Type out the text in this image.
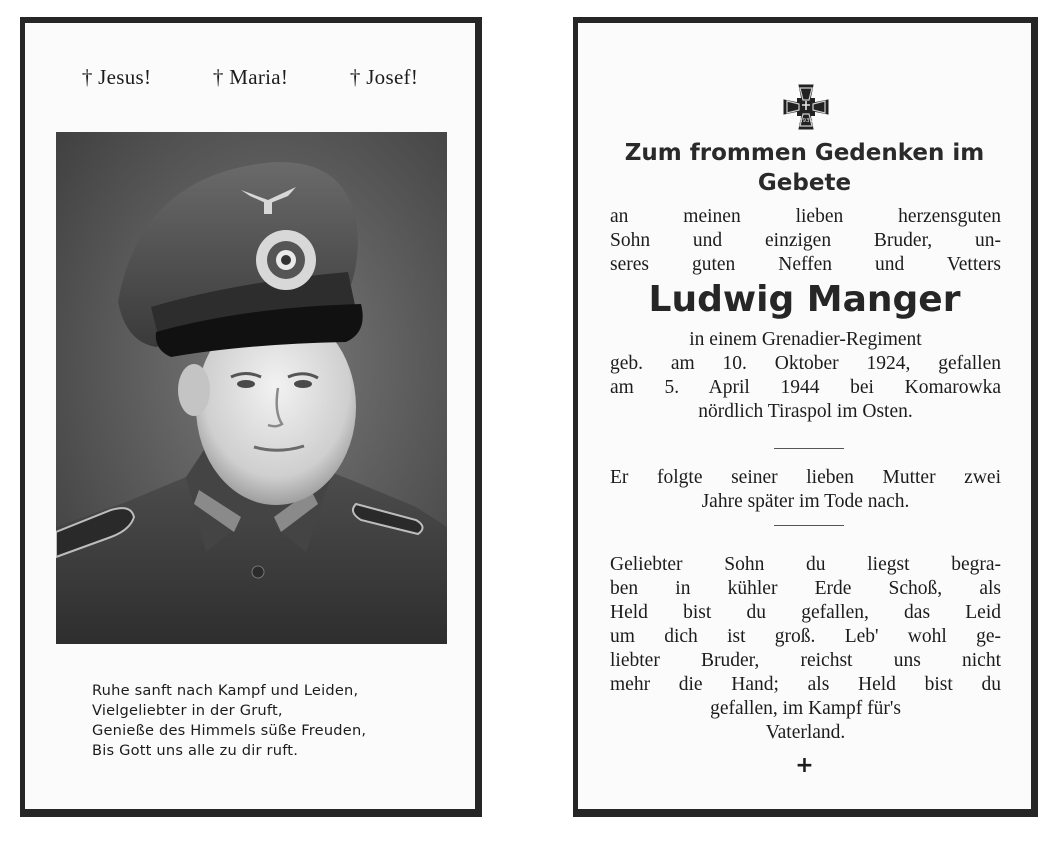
† Jesus!	† Maria!	† Josef!
Ruhe sanft nach Kampf und Leiden,
Vielgeliebter in der Gruft,
Genieße des Himmels süße Freuden,
Bis Gott uns alle zu dir ruft.
1939
Zum frommen Gedenken im
Gebete
an meinen lieben herzensguten
Sohn und einzigen Bruder, un-
seres guten Neffen und Vetters
Ludwig Manger
in einem Grenadier-Regiment
geb. am 10. Oktober 1924, gefallen
am 5. April 1944 bei Komarowka
nördlich Tiraspol im Osten.
Er folgte seiner lieben Mutter zwei
Jahre später im Tode nach.
Geliebter Sohn du liegst begra-
ben in kühler Erde Schoß, als
Held bist du gefallen, das Leid
um dich ist groß. Leb' wohl ge-
liebter Bruder, reichst uns nicht
mehr die Hand; als Held bist du
gefallen, im Kampf für's
Vaterland.
+
